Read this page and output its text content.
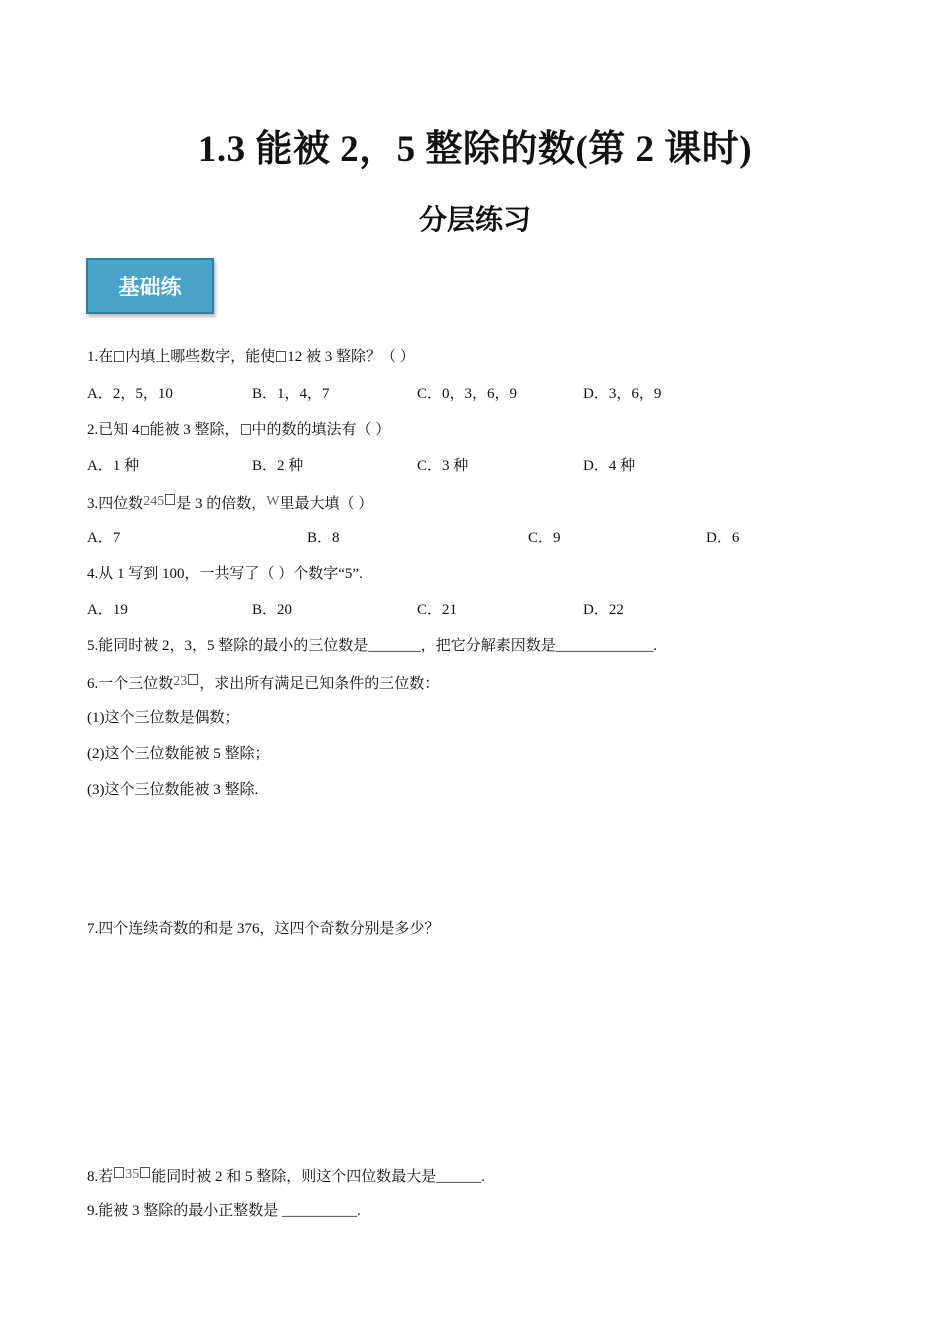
1.3 能被 2，5 整除的数(第 2 课时)
分层练习
基础练
1.在 内填上哪些数字，能使 12 被 3 整除？（ ）
A．2，5，10	B．1，4，7	C．0，3，6，9	D．3，6，9
2.已知 4 能被 3 整除， 中的数的填法有（ ）
A．1 种	B．2 种	C．3 种	D．4 种
3.四位数245 是 3 的倍数，W里最大填（ ）
A．7	B．8	C．9	D．6
4.从 1 写到 100，一共写了（ ）个数字“5”.
A．19	B．20	C．21	D．22
5.能同时被 2，3，5 整除的最小的三位数是_______，把它分解素因数是_____________.
6.一个三位数23 ，求出所有满足已知条件的三位数：
(1)这个三位数是偶数；
(2)这个三位数能被 5 整除；
(3)这个三位数能被 3 整除.
7.四个连续奇数的和是 376，这四个奇数分别是多少？
8.若 35 能同时被 2 和 5 整除，则这个四位数最大是______.
9.能被 3 整除的最小正整数是 __________.
